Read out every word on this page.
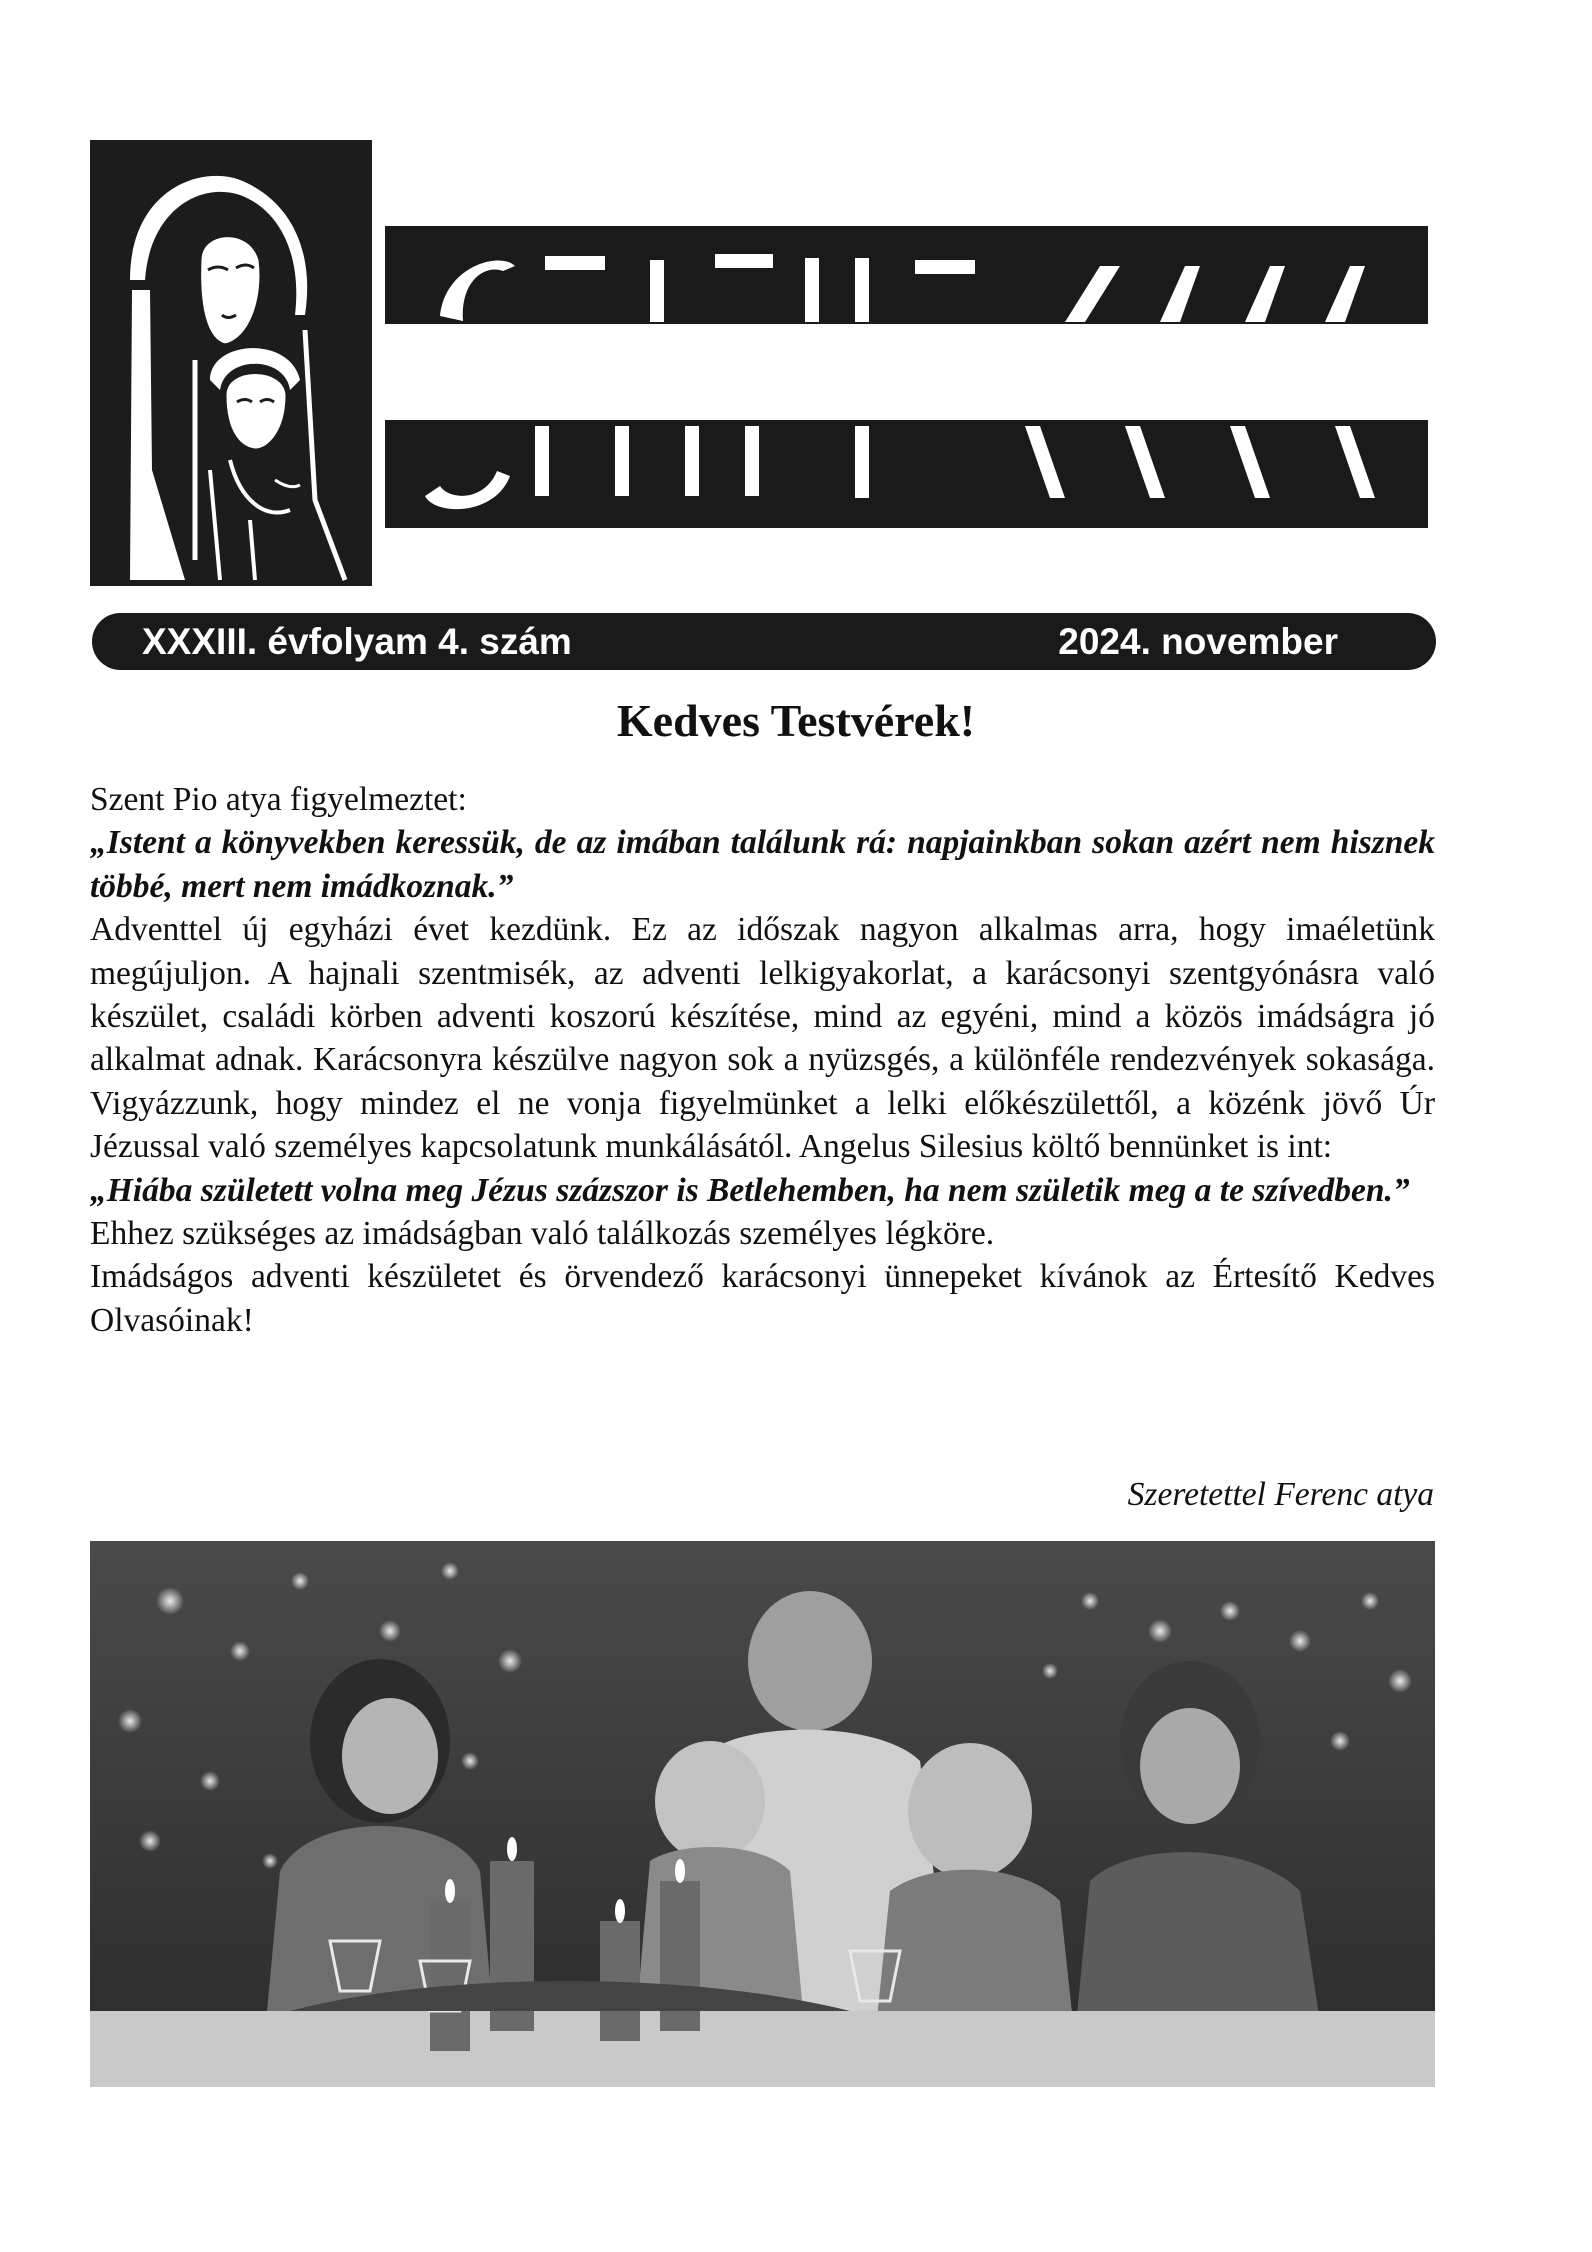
XXXIII. évfolyam 4. szám	2024. november
Kedves Testvérek!

Szent Pio atya figyelmeztet:

„Istent a könyvekben keressük, de az imában találunk rá: napjainkban sokan azért nem hisznek többé, mert nem imádkoznak.”

Adventtel új egyházi évet kezdünk. Ez az időszak nagyon alkalmas arra, hogy imaéletünk megújuljon. A hajnali szentmisék, az adventi lelkigyakorlat, a karácsonyi szentgyónásra való készület, családi körben adventi koszorú készítése, mind az egyéni, mind a közös imádságra jó alkalmat adnak. Karácsonyra készülve nagyon sok a nyüzsgés, a különféle rendezvények sokasága. Vigyázzunk, hogy mindez el ne vonja figyelmünket a lelki előkészülettől, a közénk jövő Úr Jézussal való személyes kapcsolatunk munkálásától. Angelus Silesius költő bennünket is int:

„Hiába született volna meg Jézus százszor is Betlehemben, ha nem születik meg a te szívedben.”

Ehhez szükséges az imádságban való találkozás személyes légköre.

Imádságos adventi készületet és örvendező karácsonyi ünnepeket kívánok az Értesítő Kedves Olvasóinak!

Szeretettel Ferenc atya
